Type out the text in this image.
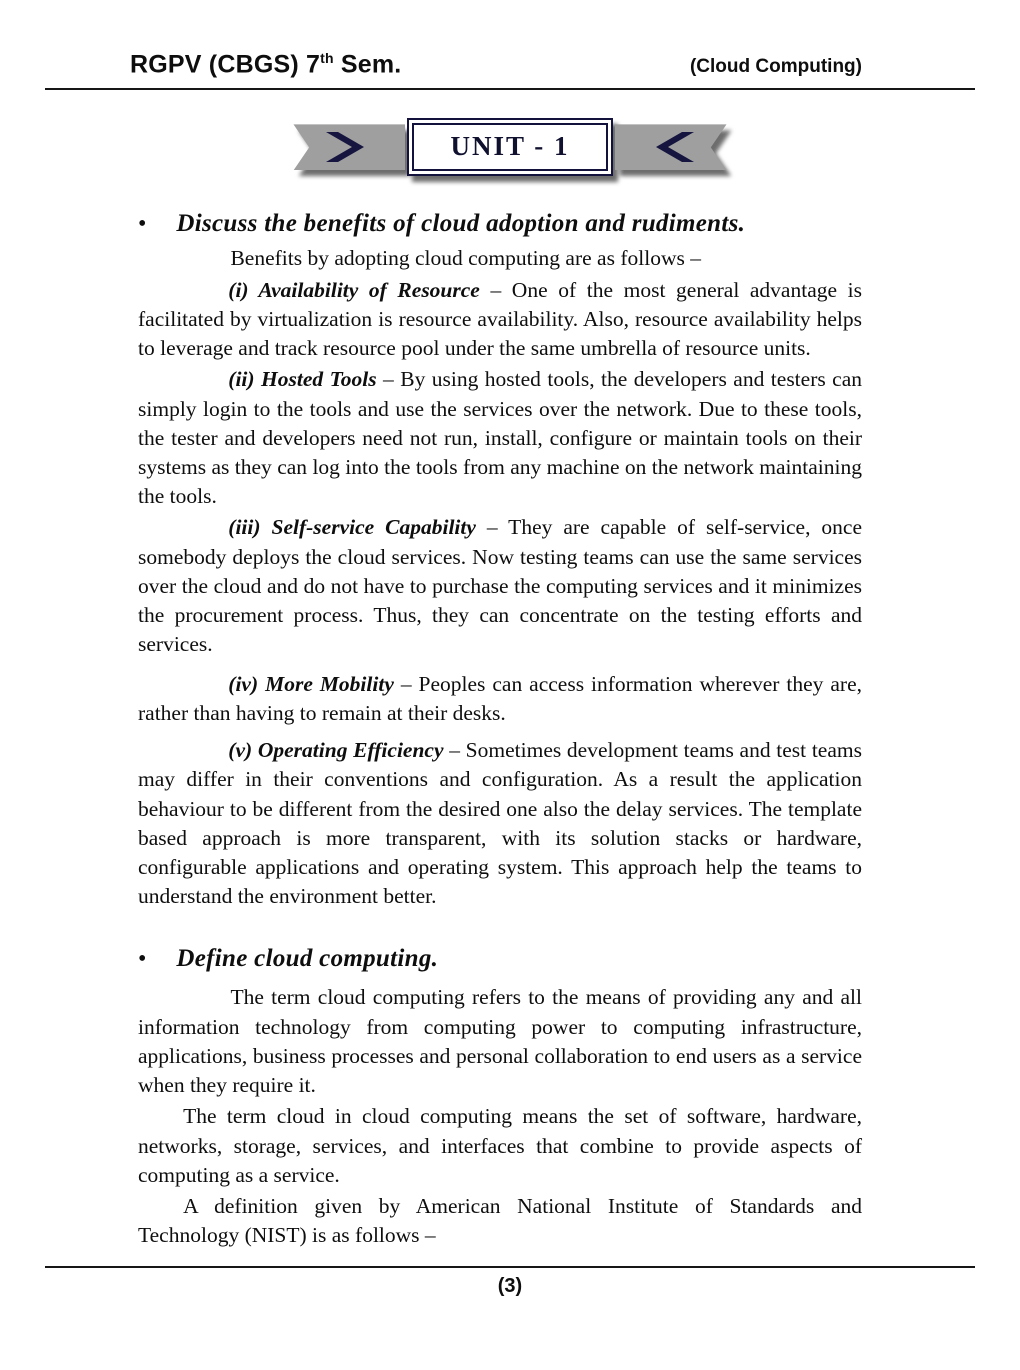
RGPV (CBGS) 7th Sem.	(Cloud Computing)
UNIT - 1
• Discuss the benefits of cloud adoption and rudiments.

Benefits by adopting cloud computing are as follows –

(i) Availability of Resource – One of the most general advantage is facilitated by virtualization is resource availability. Also, resource availability helps to leverage and track resource pool under the same umbrella of resource units.

(ii) Hosted Tools – By using hosted tools, the developers and testers can simply login to the tools and use the services over the network. Due to these tools, the tester and developers need not run, install, configure or maintain tools on their systems as they can log into the tools from any machine on the network maintaining the tools.

(iii) Self-service Capability – They are capable of self-service, once somebody deploys the cloud services. Now testing teams can use the same services over the cloud and do not have to purchase the computing services and it minimizes the procurement process. Thus, they can concentrate on the testing efforts and services.

(iv) More Mobility – Peoples can access information wherever they are, rather than having to remain at their desks.

(v) Operating Efficiency – Sometimes development teams and test teams may differ in their conventions and configuration. As a result the application behaviour to be different from the desired one also the delay services. The template based approach is more transparent, with its solution stacks or hardware, configurable applications and operating system. This approach help the teams to understand the environment better.

• Define cloud computing.

The term cloud computing refers to the means of providing any and all information technology from computing power to computing infrastructure, applications, business processes and personal collaboration to end users as a service when they require it.

The term cloud in cloud computing means the set of software, hardware, networks, storage, services, and interfaces that combine to provide aspects of computing as a service.

A definition given by American National Institute of Standards and Technology (NIST) is as follows –

(3)
